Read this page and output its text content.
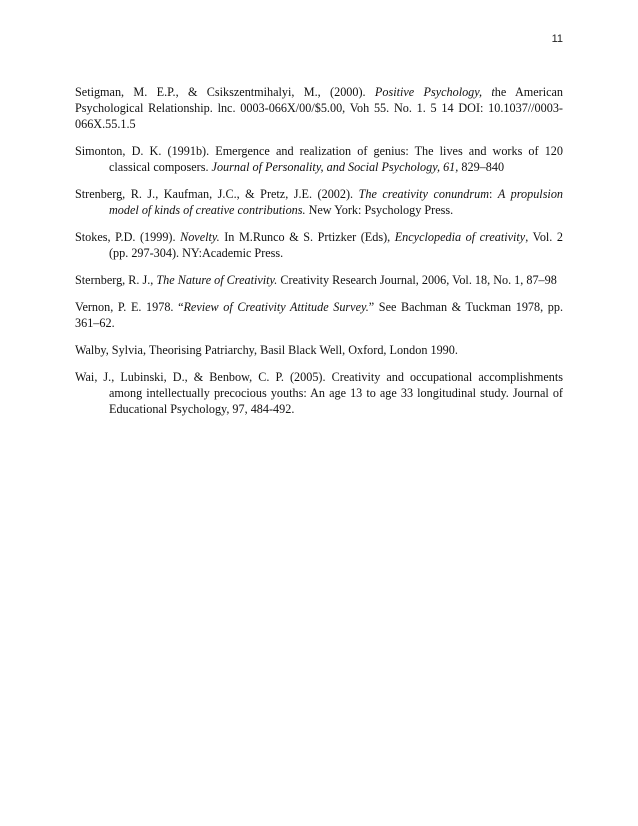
11

Setigman, M. E.P., & Csikszentmihalyi, M., (2000). Positive Psychology, the American Psychological Relationship. lnc. 0003-066X/00/$5.00, Voh 55. No. 1. 5 14 DOI: 10.1037//0003-066X.55.1.5

Simonton, D. K. (1991b). Emergence and realization of genius: The lives and works of 120 classical composers. Journal of Personality, and Social Psychology, 61, 829–840

Strenberg, R. J., Kaufman, J.C., & Pretz, J.E. (2002). The creativity conundrum: A propulsion model of kinds of creative contributions. New York: Psychology Press.

Stokes, P.D. (1999). Novelty. In M.Runco & S. Prtizker (Eds), Encyclopedia of creativity, Vol. 2 (pp. 297-304). NY:Academic Press.

Sternberg, R. J., The Nature of Creativity. Creativity Research Journal, 2006, Vol. 18, No. 1, 87–98

Vernon, P. E. 1978. “Review of Creativity Attitude Survey.” See Bachman & Tuckman 1978, pp. 361–62.

Walby, Sylvia, Theorising Patriarchy, Basil Black Well, Oxford, London 1990.

Wai, J., Lubinski, D., & Benbow, C. P. (2005). Creativity and occupational accomplishments among intellectually precocious youths: An age 13 to age 33 longitudinal study. Journal of Educational Psychology, 97, 484-492.
